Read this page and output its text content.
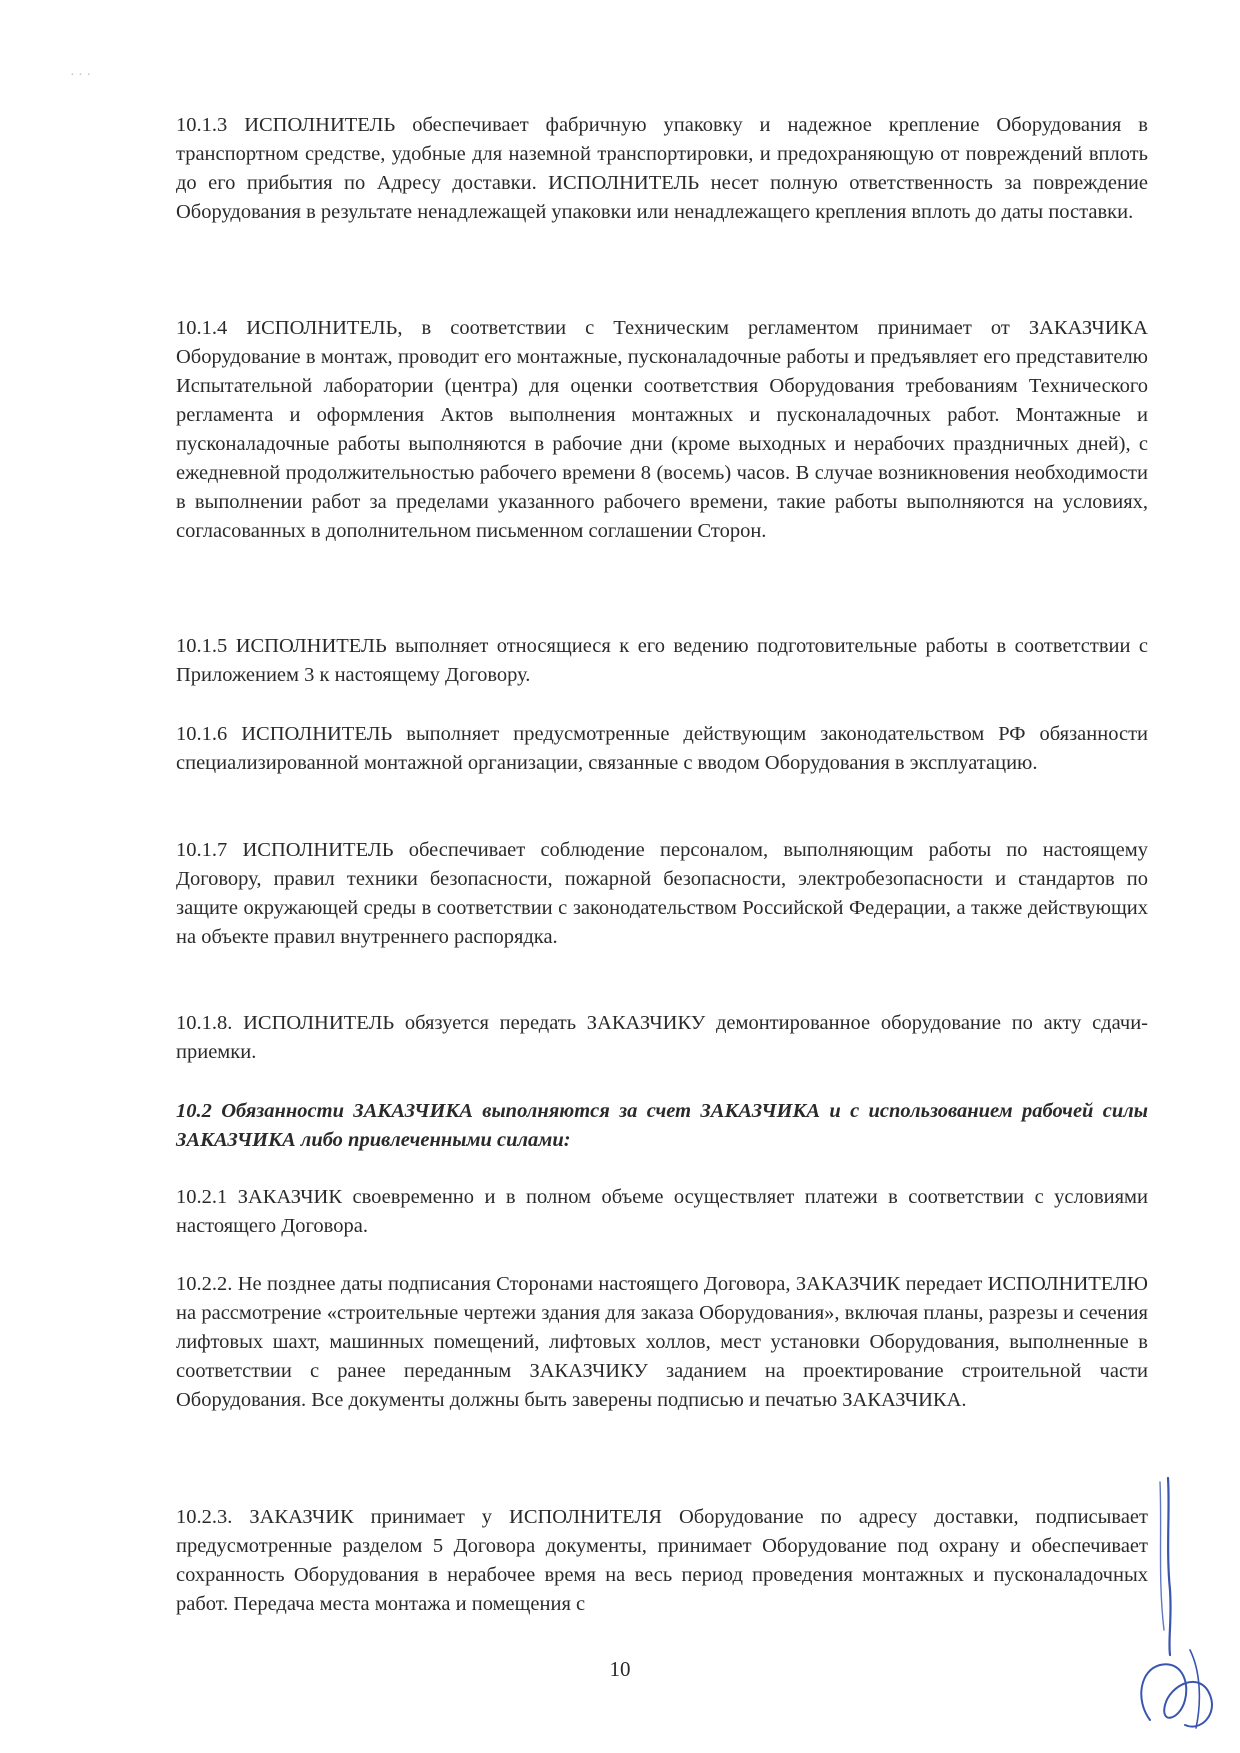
· · ·

10.1.3 ИСПОЛНИТЕЛЬ обеспечивает фабричную упаковку и надежное крепление Оборудования в транспортном средстве, удобные для наземной транспортировки, и предохраняющую от повреждений вплоть до его прибытия по Адресу доставки. ИСПОЛНИТЕЛЬ несет полную ответственность за повреждение Оборудования в результате ненадлежащей упаковки или ненадлежащего крепления вплоть до даты поставки.

10.1.4 ИСПОЛНИТЕЛЬ, в соответствии с Техническим регламентом принимает от ЗАКАЗЧИКА Оборудование в монтаж, проводит его монтажные, пусконаладочные работы и предъявляет его представителю Испытательной лаборатории (центра) для оценки соответствия Оборудования требованиям Технического регламента и оформления Актов выполнения монтажных и пусконаладочных работ. Монтажные и пусконаладочные работы выполняются в рабочие дни (кроме выходных и нерабочих праздничных дней), с ежедневной продолжительностью рабочего времени 8 (восемь) часов. В случае возникновения необходимости в выполнении работ за пределами указанного рабочего времени, такие работы выполняются на условиях, согласованных в дополнительном письменном соглашении Сторон.

10.1.5 ИСПОЛНИТЕЛЬ выполняет относящиеся к его ведению подготовительные работы в соответствии с Приложением 3 к настоящему Договору.

10.1.6 ИСПОЛНИТЕЛЬ выполняет предусмотренные действующим законодательством РФ обязанности специализированной монтажной организации, связанные с вводом Оборудования в эксплуатацию.

10.1.7 ИСПОЛНИТЕЛЬ обеспечивает соблюдение персоналом, выполняющим работы по настоящему Договору, правил техники безопасности, пожарной безопасности, электробезопасности и стандартов по защите окружающей среды в соответствии с законодательством Российской Федерации, а также действующих на объекте правил внутреннего распорядка.

10.1.8. ИСПОЛНИТЕЛЬ обязуется передать ЗАКАЗЧИКУ демонтированное оборудование по акту сдачи-приемки.

10.2 Обязанности ЗАКАЗЧИКА выполняются за счет ЗАКАЗЧИКА и с использованием рабочей силы ЗАКАЗЧИКА либо привлеченными силами:

10.2.1 ЗАКАЗЧИК своевременно и в полном объеме осуществляет платежи в соответствии с условиями настоящего Договора.

10.2.2. Не позднее даты подписания Сторонами настоящего Договора, ЗАКАЗЧИК передает ИСПОЛНИТЕЛЮ на рассмотрение «строительные чертежи здания для заказа Оборудования», включая планы, разрезы и сечения лифтовых шахт, машинных помещений, лифтовых холлов, мест установки Оборудования, выполненные в соответствии с ранее переданным ЗАКАЗЧИКУ заданием на проектирование строительной части Оборудования. Все документы должны быть заверены подписью и печатью ЗАКАЗЧИКА.

10.2.3. ЗАКАЗЧИК принимает у ИСПОЛНИТЕЛЯ Оборудование по адресу доставки, подписывает предусмотренные разделом 5 Договора документы, принимает Оборудование под охрану и обеспечивает сохранность Оборудования в нерабочее время на весь период проведения монтажных и пусконаладочных работ. Передача места монтажа и помещения с

10
